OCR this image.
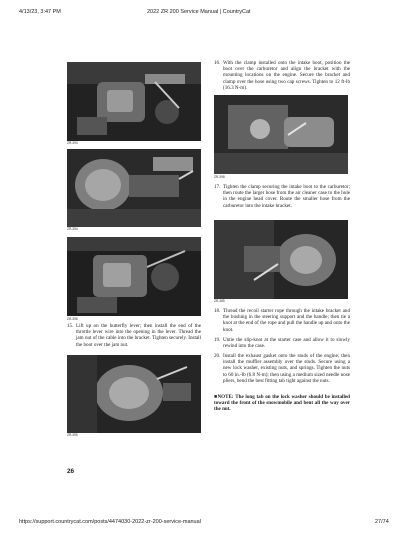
4/13/23, 3:47 PM	2022 ZR 200 Service Manual | CountryCat
ZR-393
ZR-394
ZR-396
15. Lift up on the butterfly lever; then install the end of the throttle lever wire into the opening in the lever. Thread the jam nut of the cable into the bracket. Tighten securely. Install the boot over the jam nut.
ZR-395
26
16. With the clamp installed onto the intake boot, position the boot over the carburetor and align the bracket with the mounting locations on the engine. Secure the bracket and clamp over the hose using two cap screws. Tighten to 12 ft-lb (16.3 N-m).
ZR-398
17. Tighten the clamp securing the intake boot to the carburetor; then route the larger hose from the air cleaner case to the hole in the engine head cover. Route the smaller hose from the carburetor into the intake bracket.
ZR-385
18. Thread the recoil starter rope through the intake bracket and the bushing in the steering support and the handle; then tie a knot at the end of the rope and pull the handle up and onto the knot.
19. Untie the slip-knot at the starter case and allow it to slowly rewind into the case.
20. Install the exhaust gasket onto the studs of the engine; then install the muffler assembly over the studs. Secure using a new lock washer, existing nuts, and springs. Tighten the nuts to 60 in.-lb (6.8 N-m); then using a medium sized needle nose pliers, bend the best fitting tab tight against the nuts.
■NOTE: The long tab on the lock washer should be installed toward the front of the snowmobile and bent all the way over the nut.
https://support.countrycat.com/posts/4474030-2022-zr-200-service-manual	27/74
